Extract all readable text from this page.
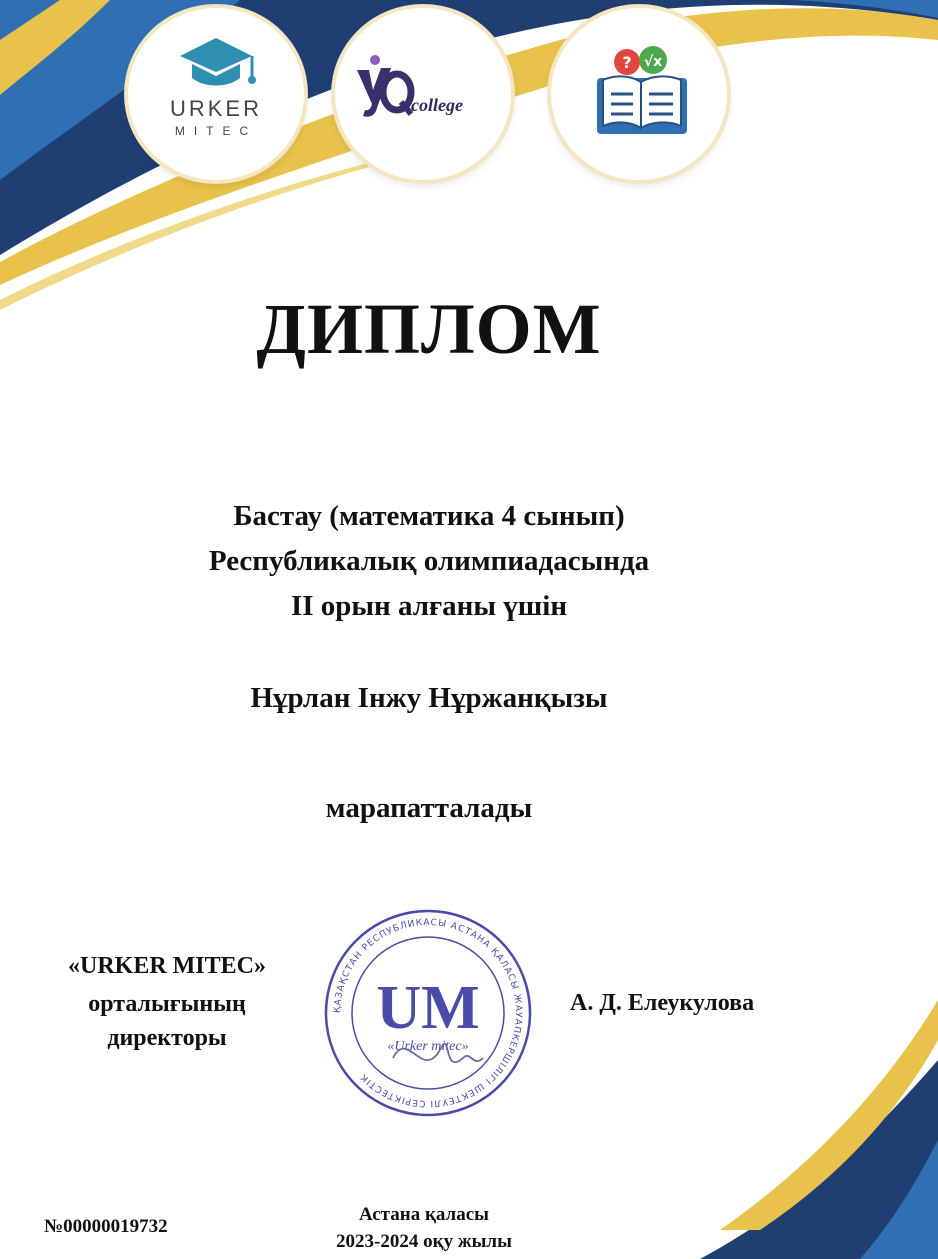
URKER
MITEC
college
? √x
ДИПЛОМ
Бастау (математика 4 сынып)
Республикалық олимпиадасында
II орын алғаны үшін
Нұрлан Інжу Нұржанқызы
марапатталады
«URKER MITEC»
орталығының
директоры
А. Д. Елеукулова
ҚАЗАҚСТАН РЕСПУБЛИКАСЫ АСТАНА ҚАЛАСЫ ЖАУАПКЕРШІЛІГІ ШЕКТЕУЛІ СЕРІКТЕСТІК
UM
«Urker mitec»
№00000019732
Астана қаласы
2023-2024 оқу жылы
